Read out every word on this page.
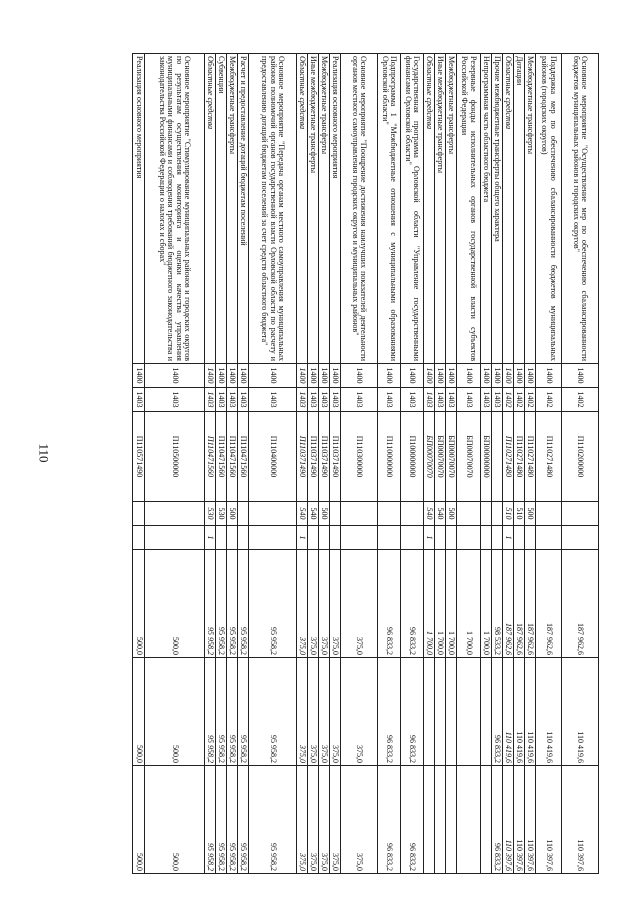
110
Основное мероприятие "Осуществление мер по обеспечению сбалансированности бюджетов муниципальных районов и городских округов"	1400	1402	П110200000			187 962,6	110 419,6	110 397,6
Поддержка мер по обеспечению сбалансированности бюджетов муниципальных районов (городских округов)	1400	1402	П110271480			187 962,6	110 419,6	110 397,6
Межбюджетные трансферты	1400	1402	П110271480	500		187 962,6	110 419,6	110 397,6
Дотации	1400	1402	П110271480	510		187 962,6	110 419,6	110 397,6
Областные средства	1400	1402	П110271480	510	1	187 962,6	110 419,6	110 397,6
Прочие межбюджетные трансферты общего характера	1400	1403				98 533,2	96 833,2	96 833,2
Непрограммная часть областного бюджета	1400	1403	БП00000000			1 700,0		
Резервные фонды исполнительных органов государственной власти субъектов Российской Федерации	1400	1403	БП00070070			1 700,0		
Межбюджетные трансферты	1400	1403	БП00070070	500		1 700,0		
Иные межбюджетные трансферты	1400	1403	БП00070070	540		1 700,0		
Областные средства	1400	1403	БП00070070	540	1	1 700,0		
Государственная программа Орловской области "Управление государственными финансами Орловской области"	1400	1403	П100000000			96 833,2	96 833,2	96 833,2
Подпрограмма 1 "Межбюджетные отношения с муниципальными образованиями Орловской области"	1400	1403	П110000000			96 833,2	96 833,2	96 833,2
Основное мероприятие "Поощрение достижения наилучших показателей деятельности органов местного самоуправления городских округов и муниципальных районов"	1400	1403	П110300000			375,0	375,0	375,0
Реализация основного мероприятия	1400	1403	П110371490			375,0	375,0	375,0
Межбюджетные трансферты	1400	1403	П110371490	500		375,0	375,0	375,0
Иные межбюджетные трансферты	1400	1403	П110371490	540		375,0	375,0	375,0
Областные средства	1400	1403	П110371490	540	1	375,0	375,0	375,0
Основное мероприятие "Передача органам местного самоуправления муниципальных районов полномочий органов государственной власти Орловской области по расчету и предоставлению дотаций бюджетам поселений за счет средств областного бюджета"	1400	1403	П110400000			95 958,2	95 958,2	95 958,2
Расчет и предоставление дотаций бюджетам поселений	1400	1403	П110471560			95 958,2	95 958,2	95 958,2
Межбюджетные трансферты	1400	1403	П110471560	500		95 958,2	95 958,2	95 958,2
Субвенции	1400	1403	П110471560	530		95 958,2	95 958,2	95 958,2
Областные средства	1400	1403	П110471560	530	1	95 958,2	95 958,2	95 958,2
Основное мероприятие "Стимулирование муниципальных районов и городских округов по результатам осуществления мониторинга и оценки качества управления муниципальными финансами и соблюдения требований бюджетного законодательства и законодательства Российской Федерации о налогах и сборах"	1400	1403	П110500000			500,0	500,0	500,0
Реализация основного мероприятия	1400	1403	П110571490			500,0	500,0	500,0
